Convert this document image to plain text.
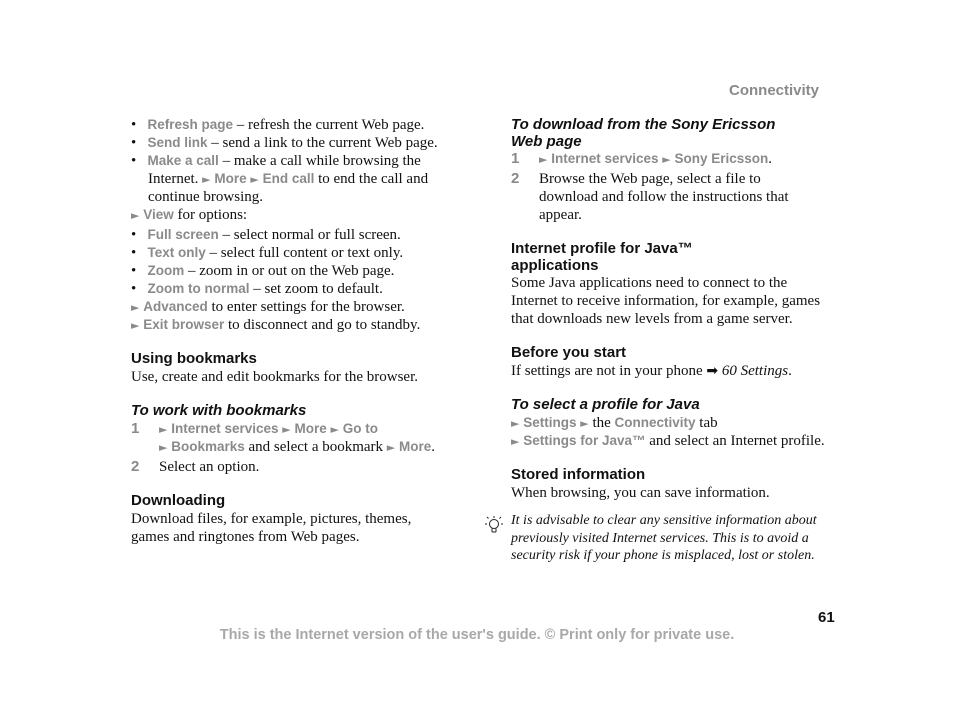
Connectivity
• Refresh page – refresh the current Web page.
• Send link – send a link to the current Web page.
• Make a call – make a call while browsing the
Internet. ► More ► End call to end the call and
continue browsing.
► View for options:
• Full screen – select normal or full screen.
• Text only – select full content or text only.
• Zoom – zoom in or out on the Web page.
• Zoom to normal – set zoom to default.
► Advanced to enter settings for the browser.
► Exit browser to disconnect and go to standby.
Using bookmarks
Use, create and edit bookmarks for the browser.
To work with bookmarks
1 ► Internet services ► More ► Go to
► Bookmarks and select a bookmark ► More.
2 Select an option.
Downloading
Download files, for example, pictures, themes,
games and ringtones from Web pages.
To download from the Sony Ericsson
Web page
1 ► Internet services ► Sony Ericsson.
2 Browse the Web page, select a file to
download and follow the instructions that
appear.
Internet profile for Java™
applications
Some Java applications need to connect to the
Internet to receive information, for example, games
that downloads new levels from a game server.
Before you start
If settings are not in your phone ➡ 60 Settings.
To select a profile for Java
► Settings ► the Connectivity tab
► Settings for Java™ and select an Internet profile.
Stored information
When browsing, you can save information.
It is advisable to clear any sensitive information about
previously visited Internet services. This is to avoid a
security risk if your phone is misplaced, lost or stolen.
61
This is the Internet version of the user's guide. © Print only for private use.
